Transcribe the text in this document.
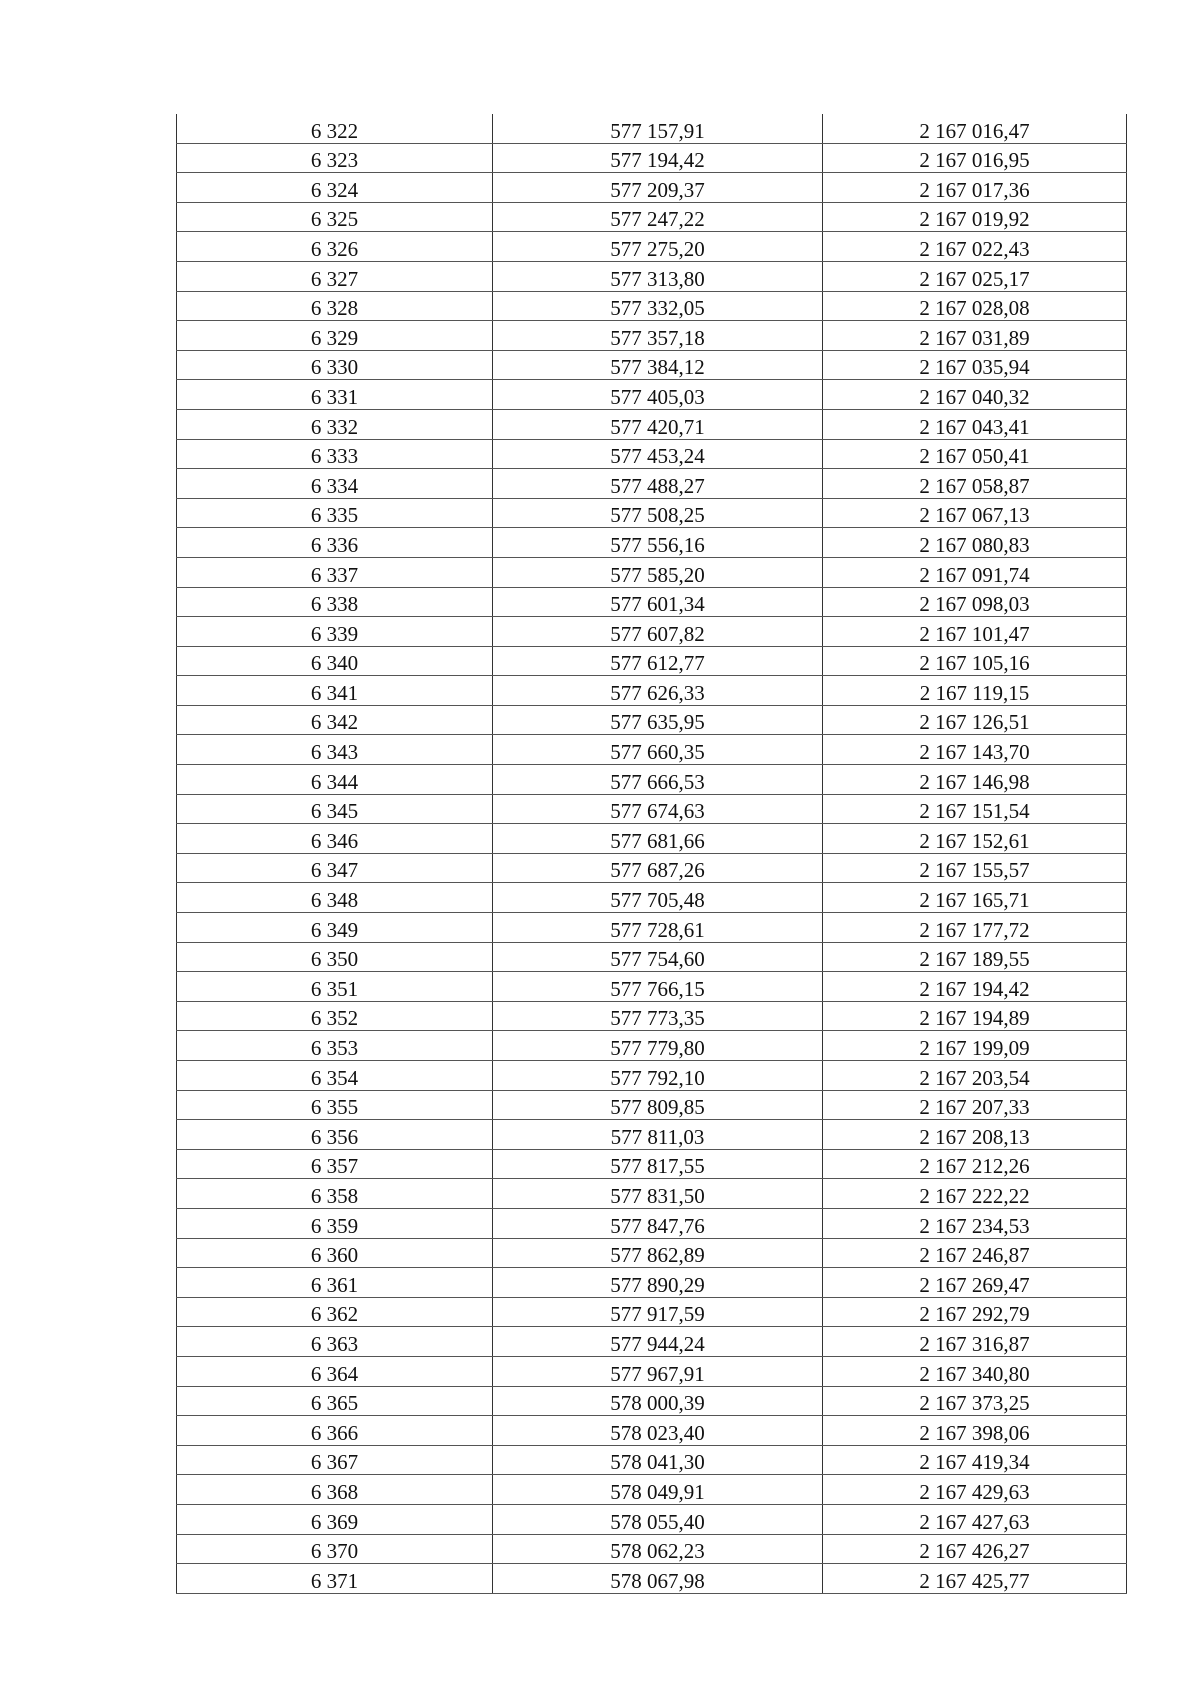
6 322	577 157,91	2 167 016,47
6 323	577 194,42	2 167 016,95
6 324	577 209,37	2 167 017,36
6 325	577 247,22	2 167 019,92
6 326	577 275,20	2 167 022,43
6 327	577 313,80	2 167 025,17
6 328	577 332,05	2 167 028,08
6 329	577 357,18	2 167 031,89
6 330	577 384,12	2 167 035,94
6 331	577 405,03	2 167 040,32
6 332	577 420,71	2 167 043,41
6 333	577 453,24	2 167 050,41
6 334	577 488,27	2 167 058,87
6 335	577 508,25	2 167 067,13
6 336	577 556,16	2 167 080,83
6 337	577 585,20	2 167 091,74
6 338	577 601,34	2 167 098,03
6 339	577 607,82	2 167 101,47
6 340	577 612,77	2 167 105,16
6 341	577 626,33	2 167 119,15
6 342	577 635,95	2 167 126,51
6 343	577 660,35	2 167 143,70
6 344	577 666,53	2 167 146,98
6 345	577 674,63	2 167 151,54
6 346	577 681,66	2 167 152,61
6 347	577 687,26	2 167 155,57
6 348	577 705,48	2 167 165,71
6 349	577 728,61	2 167 177,72
6 350	577 754,60	2 167 189,55
6 351	577 766,15	2 167 194,42
6 352	577 773,35	2 167 194,89
6 353	577 779,80	2 167 199,09
6 354	577 792,10	2 167 203,54
6 355	577 809,85	2 167 207,33
6 356	577 811,03	2 167 208,13
6 357	577 817,55	2 167 212,26
6 358	577 831,50	2 167 222,22
6 359	577 847,76	2 167 234,53
6 360	577 862,89	2 167 246,87
6 361	577 890,29	2 167 269,47
6 362	577 917,59	2 167 292,79
6 363	577 944,24	2 167 316,87
6 364	577 967,91	2 167 340,80
6 365	578 000,39	2 167 373,25
6 366	578 023,40	2 167 398,06
6 367	578 041,30	2 167 419,34
6 368	578 049,91	2 167 429,63
6 369	578 055,40	2 167 427,63
6 370	578 062,23	2 167 426,27
6 371	578 067,98	2 167 425,77
